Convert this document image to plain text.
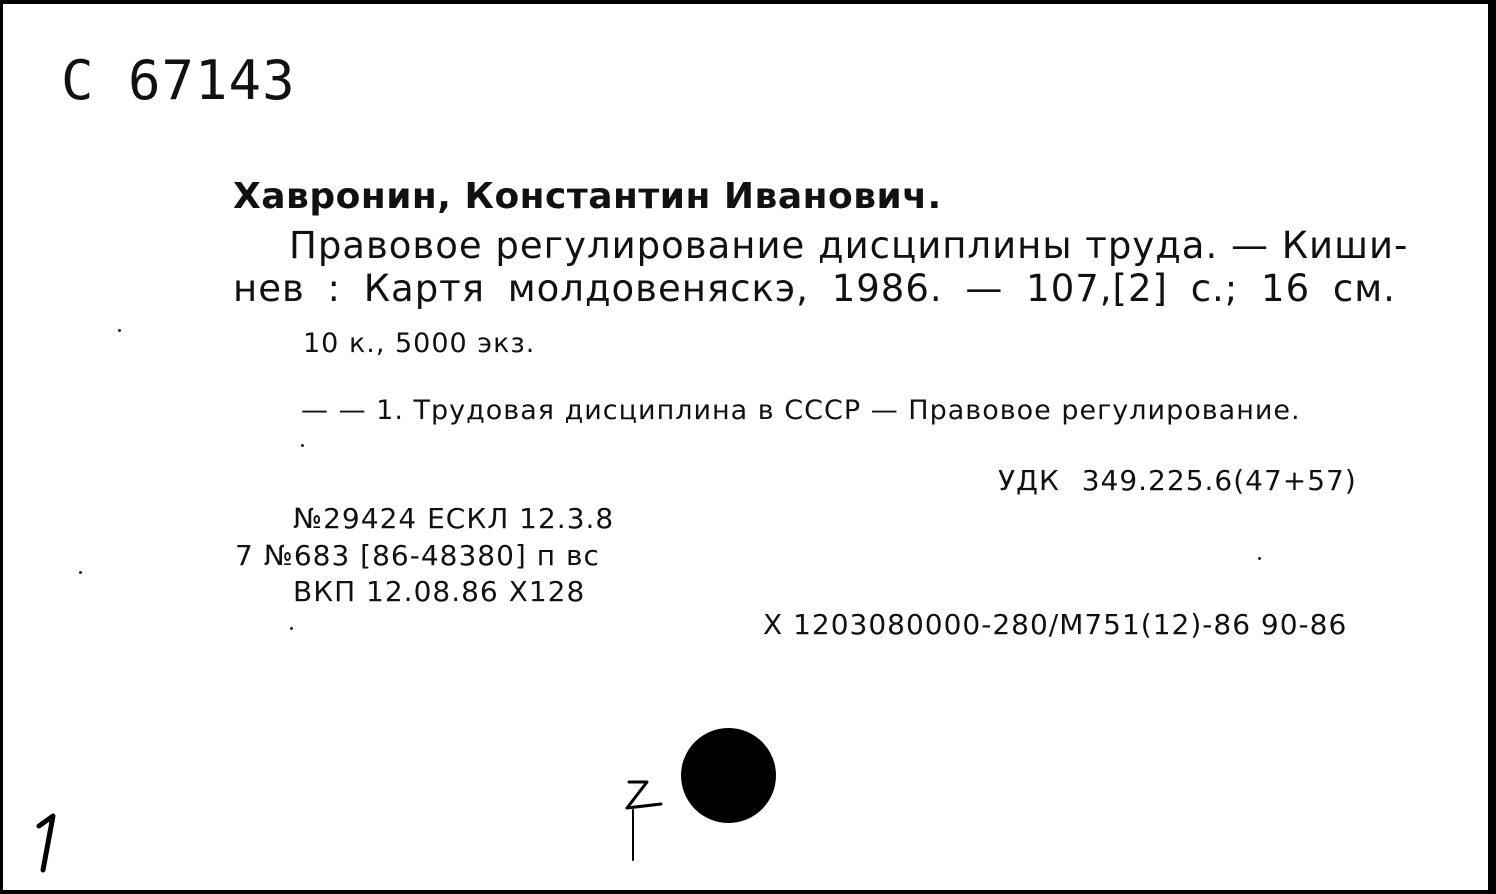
C 67143
Хавронин, Константин Иванович.
Правовое регулирование дисциплины труда. — Киши-
нев : Картя молдовеняскэ, 1986. — 107,[2] с.; 16 см.
10 к., 5000 экз.
— — 1. Трудовая дисциплина в СССР — Правовое регулирование.
УДК 349.225.6(47+57)
№29424 ЕСКЛ 12.3.8
7 №683 [86-48380] п вс
ВКП 12.08.86 Х128
Х 1203080000-280/М751(12)-86 90-86
